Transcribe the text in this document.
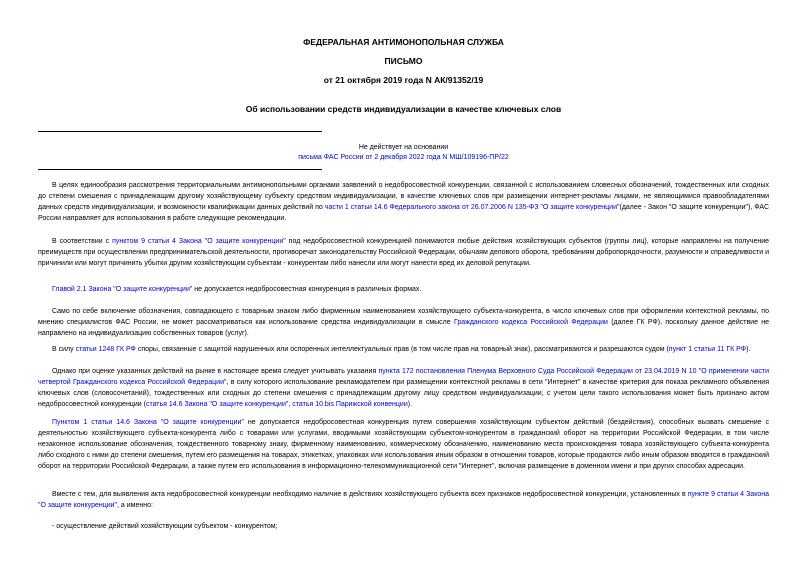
ФЕДЕРАЛЬНАЯ АНТИМОНОПОЛЬНАЯ СЛУЖБА
ПИСЬМО
от 21 октября 2019 года N АК/91352/19
Об использовании средств индивидуализации в качестве ключевых слов
Не действует на основании
письма ФАС России от 2 декабря 2022 года N МШ/109196-ПР/22
В целях единообразия рассмотрения территориальными антимонопольными органами заявлений о недобросовестной конкуренции, связанной с использованием словесных обозначений, тождественных или сходных до степени смешения с принадлежащим другому хозяйствующему субъекту средством индивидуализации, в качестве ключевых слов при размещении интернет-рекламы лицами, не являющимися правообладателями данных средств индивидуализации, и возможности квалификации данных действий по части 1 статьи 14.6 Федерального закона от 26.07.2006 N 135-ФЗ "О защите конкуренции"(далее - Закон "О защите конкуренции"), ФАС России направляет для использования в работе следующие рекомендации.
В соответствии с пунктом 9 статьи 4 Закона "О защите конкуренции" под недобросовестной конкуренцией понимаются любые действия хозяйствующих субъектов (группы лиц), которые направлены на получение преимуществ при осуществлении предпринимательской деятельности, противоречат законодательству Российской Федерации, обычаям делового оборота, требованиям добропорядочности, разумности и справедливости и причинили или могут причинить убытки другим хозяйствующим субъектам - конкурентам либо нанесли или могут нанести вред их деловой репутации.
Главой 2.1 Закона "О защите конкуренции" не допускается недобросовестная конкуренция в различных формах.
Само по себе включение обозначения, совпадающего с товарным знаком либо фирменным наименованием хозяйствующего субъекта-конкурента, в число ключевых слов при оформлении контекстной рекламы, по мнению специалистов ФАС России, не может рассматриваться как использование средства индивидуализации в смысле Гражданского кодекса Российской Федерации (далее ГК РФ), поскольку данное действие не направлено на индивидуализацию собственных товаров (услуг).
В силу статьи 1248 ГК РФ споры, связанные с защитой нарушенных или оспоренных интеллектуальных прав (в том числе прав на товарный знак), рассматриваются и разрешаются судом (пункт 1 статьи 11 ГК РФ).
Однако при оценке указанных действий на рынке в настоящее время следует учитывать указания пункта 172 постановления Пленума Верховного Суда Российской Федерации от 23.04.2019 N 10 "О применении части четвертой Гражданского кодекса Российской Федерации", в силу которого использование рекламодателем при размещении контекстной рекламы в сети "Интернет" в качестве критерия для показа рекламного объявления ключевых слов (словосочетаний), тождественных или сходных до степени смешения с принадлежащим другому лицу средством индивидуализации, с учетом цели такого использования может быть признано актом недобросовестной конкуренции (статья 14.6 Закона "О защите конкуренции", статья 10.bis Парижской конвенции).
Пунктом 1 статьи 14.6 Закона "О защите конкуренции" не допускается недобросовестная конкуренция путем совершения хозяйствующим субъектом действий (бездействия), способных вызвать смешение с деятельностью хозяйствующего субъекта-конкурента либо с товарами или услугами, вводимыми хозяйствующим субъектом-конкурентом в гражданский оборот на территории Российской Федерации, в том числе незаконное использование обозначения, тождественного товарному знаку, фирменному наименованию, коммерческому обозначению, наименованию места происхождения товара хозяйствующего субъекта-конкурента либо сходного с ними до степени смешения, путем его размещения на товарах, этикетках, упаковках или использования иным образом в отношении товаров, которые продаются либо иным образом вводятся в гражданский оборот на территории Российской Федерации, а также путем его использования в информационно-телекоммуникационной сети "Интернет", включая размещение в доменном имени и при других способах адресации.
Вместе с тем, для выявления акта недобросовестной конкуренции необходимо наличие в действиях хозяйствующего субъекта всех признаков недобросовестной конкуренции, установленных в пункте 9 статьи 4 Закона "О защите конкуренции", а именно:
- осуществление действий хозяйствующим субъектом - конкурентом;
